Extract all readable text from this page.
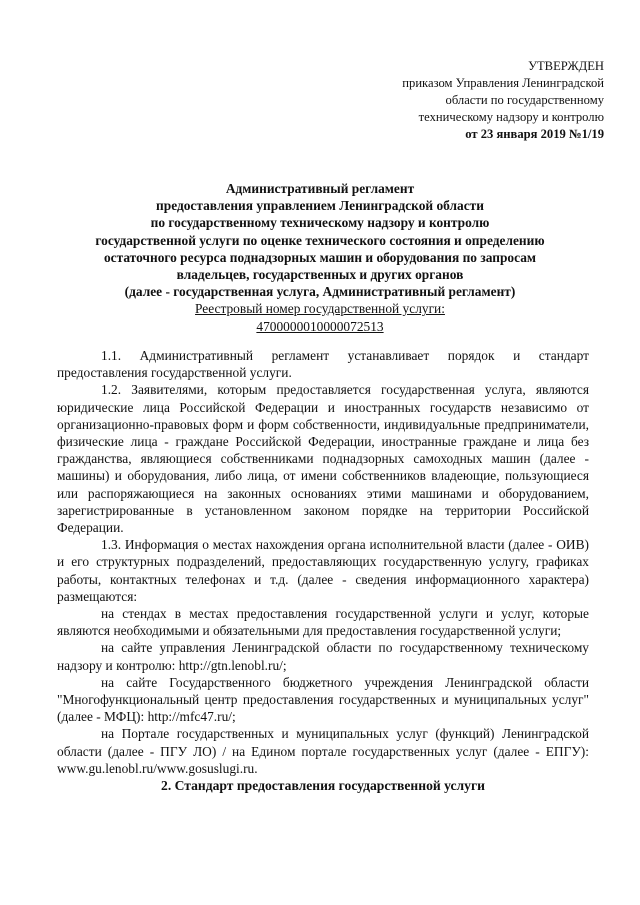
УТВЕРЖДЕН
приказом Управления Ленинградской
области по государственному
техническому надзору и контролю
от 23 января 2019 №1/19
Административный регламент
предоставления управлением Ленинградской области
по государственному техническому надзору и контролю
государственной услуги по оценке технического состояния и определению
остаточного ресурса поднадзорных машин и оборудования по запросам
владельцев, государственных и других органов
(далее - государственная услуга, Административный регламент)
Реестровый номер государственной услуги:
4700000010000072513

1.1. Административный регламент устанавливает порядок и стандарт предоставления государственной услуги.

1.2. Заявителями, которым предоставляется государственная услуга, являются юридические лица Российской Федерации и иностранных государств независимо от организационно-правовых форм и форм собственности, индивидуальные предприниматели, физические лица - граждане Российской Федерации, иностранные граждане и лица без гражданства, являющиеся собственниками поднадзорных самоходных машин (далее - машины) и оборудования, либо лица, от имени собственников владеющие, пользующиеся или распоряжающиеся на законных основаниях этими машинами и оборудованием, зарегистрированные в установленном законом порядке на территории Российской Федерации.

1.3. Информация о местах нахождения органа исполнительной власти (далее - ОИВ) и его структурных подразделений, предоставляющих государственную услугу, графиках работы, контактных телефонах и т.д. (далее - сведения информационного характера) размещаются:

на стендах в местах предоставления государственной услуги и услуг, которые являются необходимыми и обязательными для предоставления государственной услуги;

на сайте управления Ленинградской области по государственному техническому надзору и контролю: http://gtn.lenobl.ru/;

на сайте Государственного бюджетного учреждения Ленинградской области "Многофункциональный центр предоставления государственных и муниципальных услуг" (далее - МФЦ): http://mfc47.ru/;

на Портале государственных и муниципальных услуг (функций) Ленинградской области (далее - ПГУ ЛО) / на Едином портале государственных услуг (далее - ЕПГУ): www.gu.lenobl.ru/www.gosuslugi.ru.

2. Стандарт предоставления государственной услуги
